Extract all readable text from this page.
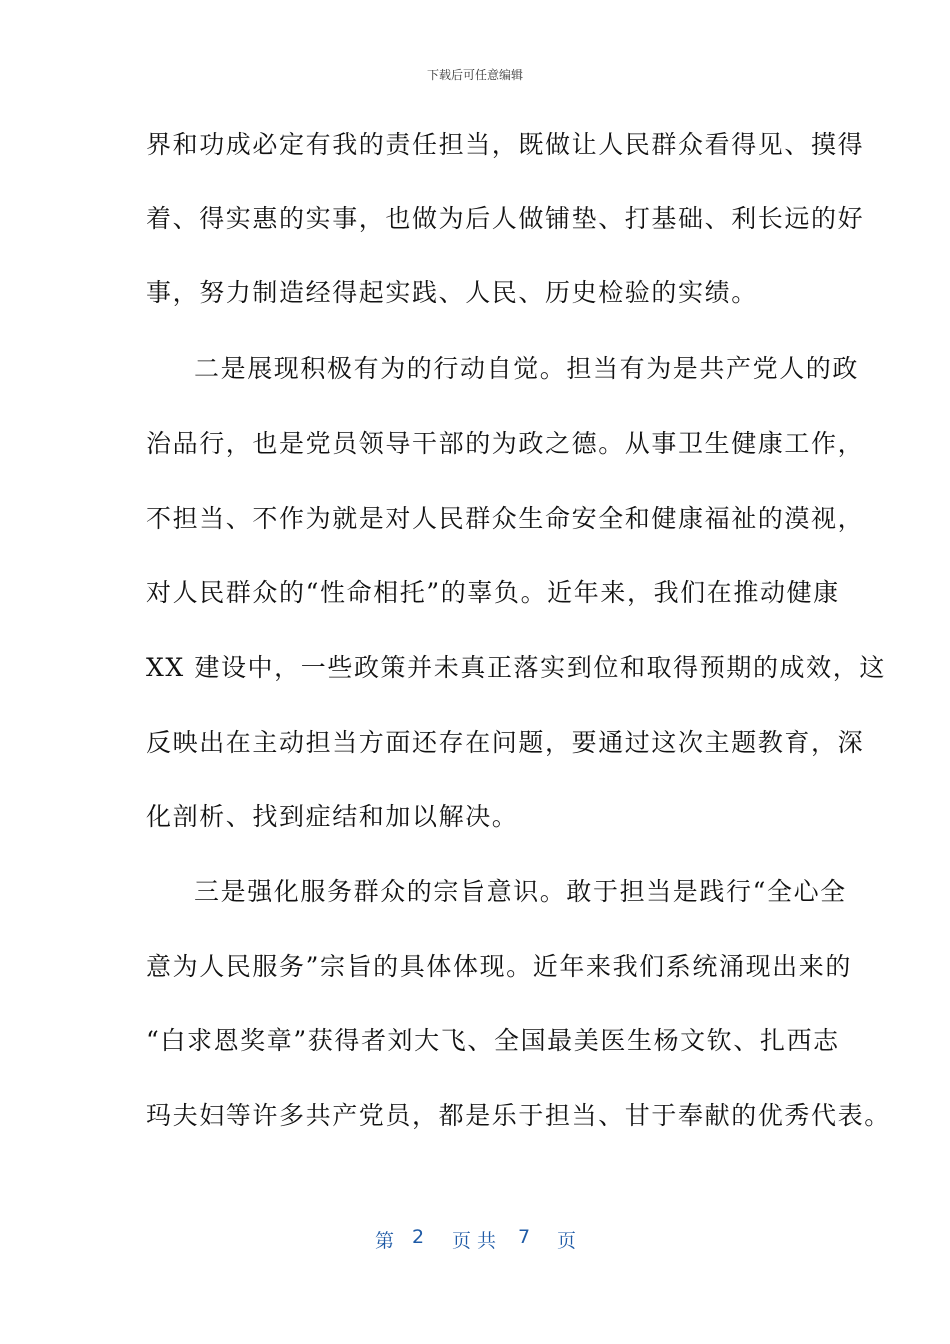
下载后可任意编辑
界和功成必定有我的责任担当，既做让人民群众看得见、摸得
着、得实惠的实事，也做为后人做铺垫、打基础、利长远的好
事，努力制造经得起实践、人民、历史检验的实绩。
二是展现积极有为的行动自觉。担当有为是共产党人的政
治品行，也是党员领导干部的为政之德。从事卫生健康工作，
不担当、不作为就是对人民群众生命安全和健康福祉的漠视，
对人民群众的“性命相托”的辜负。近年来，我们在推动健康
XX 建设中，一些政策并未真正落实到位和取得预期的成效，这
反映出在主动担当方面还存在问题，要通过这次主题教育，深
化剖析、找到症结和加以解决。
三是强化服务群众的宗旨意识。敢于担当是践行“全心全
意为人民服务”宗旨的具体体现。近年来我们系统涌现出来的
“白求恩奖章”获得者刘大飞、全国最美医生杨文钦、扎西志
玛夫妇等许多共产党员，都是乐于担当、甘于奉献的优秀代表。
第 2 页共 7 页
